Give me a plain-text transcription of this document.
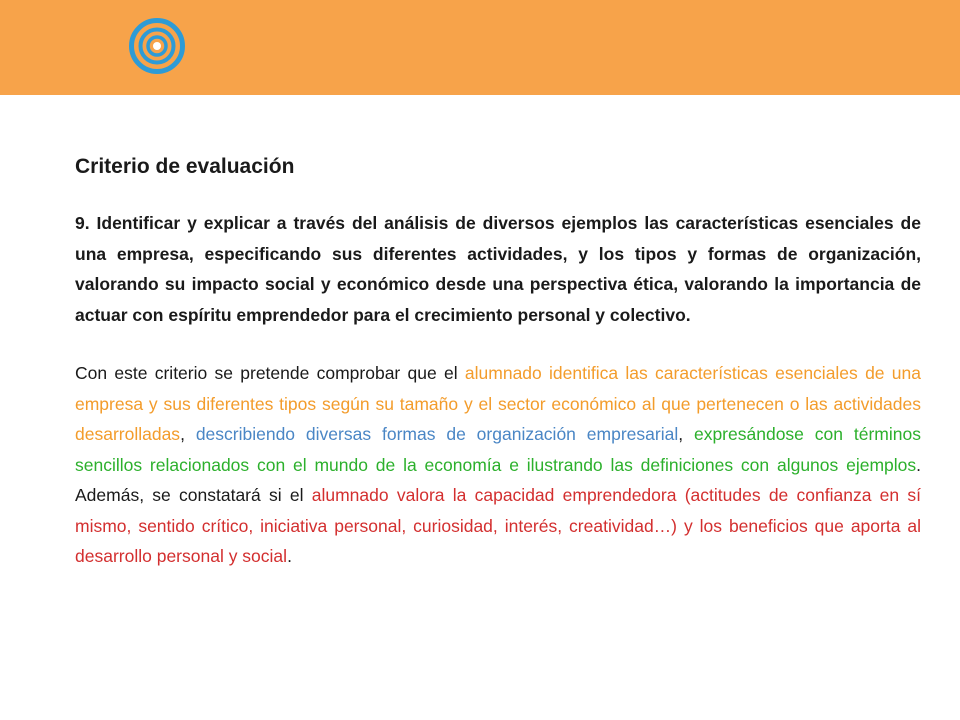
Criterio de evaluación
9. Identificar y explicar a través del análisis de diversos ejemplos las características esenciales de una empresa, especificando sus diferentes actividades, y los tipos y formas de organización, valorando su impacto social y económico desde una perspectiva ética, valorando la importancia de actuar con espíritu emprendedor para el crecimiento personal y colectivo.
Con este criterio se pretende comprobar que el alumnado identifica las características esenciales de una empresa y sus diferentes tipos según su tamaño y el sector económico al que pertenecen o las actividades desarrolladas, describiendo diversas formas de organización empresarial, expresándose con términos sencillos relacionados con el mundo de la economía e ilustrando las definiciones con algunos ejemplos. Además, se constatará si el alumnado valora la capacidad emprendedora (actitudes de confianza en sí mismo, sentido crítico, iniciativa personal, curiosidad, interés, creatividad…) y los beneficios que aporta al desarrollo personal y social.
